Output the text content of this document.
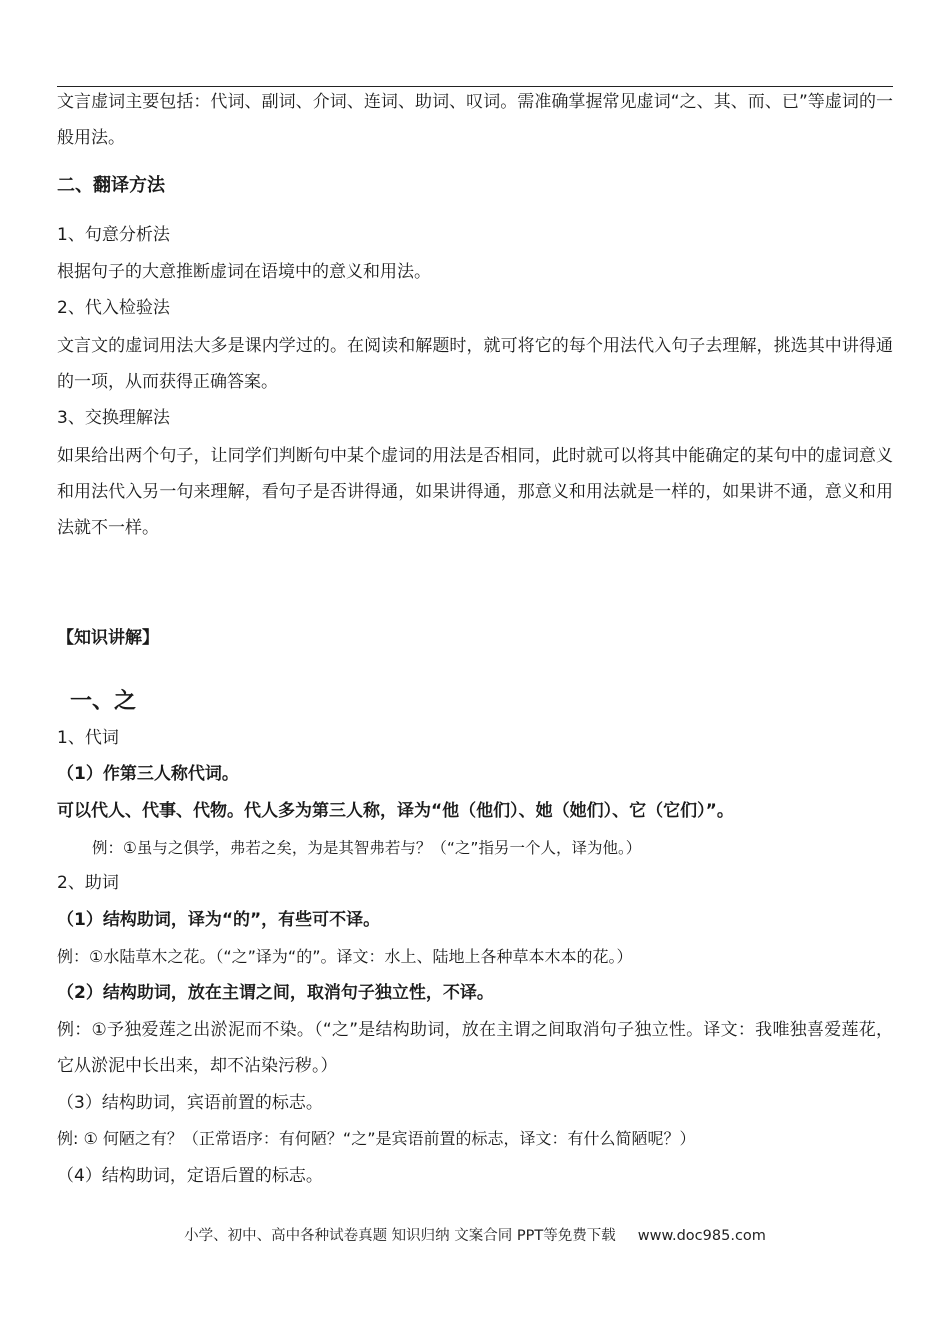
文言虚词主要包括：代词、副词、介词、连词、助词、叹词。需准确掌握常见虚词“之、其、而、已”等虚词的一般用法。
二、翻译方法
1、句意分析法
根据句子的大意推断虚词在语境中的意义和用法。
2、代入检验法
文言文的虚词用法大多是课内学过的。在阅读和解题时，就可将它的每个用法代入句子去理解，挑选其中讲得通的一项，从而获得正确答案。
3、交换理解法
如果给出两个句子，让同学们判断句中某个虚词的用法是否相同，此时就可以将其中能确定的某句中的虚词意义和用法代入另一句来理解，看句子是否讲得通，如果讲得通，那意义和用法就是一样的，如果讲不通，意义和用法就不一样。
【知识讲解】
一、之
1、代词
（1）作第三人称代词。
可以代人、代事、代物。代人多为第三人称，译为“他（他们）、她（她们）、它（它们）”。
例：①虽与之俱学，弗若之矣，为是其智弗若与？（“之”指另一个人，译为他。）
2、助词
（1）结构助词，译为“的”，有些可不译。
例：①水陆草木之花。（“之”译为“的”。译文：水上、陆地上各种草本木本的花。）
（2）结构助词，放在主谓之间，取消句子独立性，不译。
例：①予独爱莲之出淤泥而不染。（“之”是结构助词，放在主谓之间取消句子独立性。译文：我唯独喜爱莲花，它从淤泥中长出来，却不沾染污秽。）
（3）结构助词，宾语前置的标志。
例: ① 何陋之有？（正常语序：有何陋？“之”是宾语前置的标志，译文：有什么简陋呢？）
（4）结构助词，定语后置的标志。
小学、初中、高中各种试卷真题 知识归纳 文案合同 PPT等免费下载 www.doc985.com
